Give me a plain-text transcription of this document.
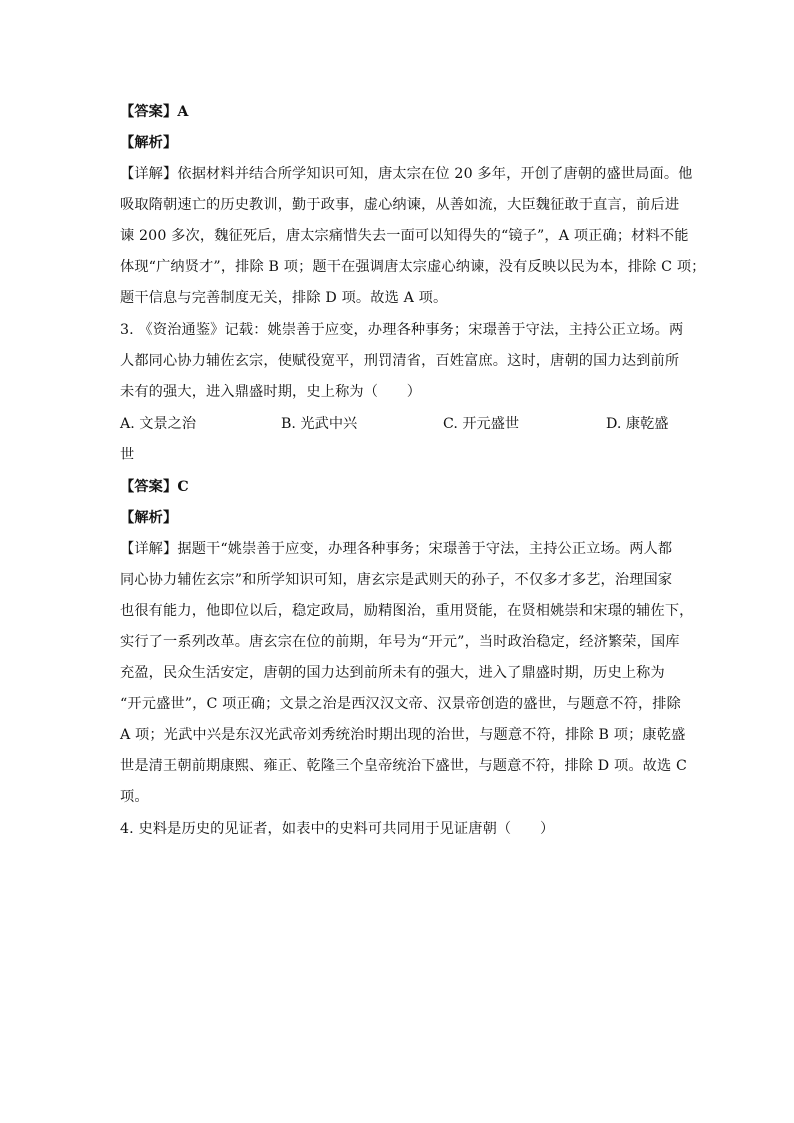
【答案】A
【解析】
【详解】依据材料并结合所学知识可知，唐太宗在位 20 多年，开创了唐朝的盛世局面。他
吸取隋朝速亡的历史教训，勤于政事，虚心纳谏，从善如流，大臣魏征敢于直言，前后进
谏 200 多次，魏征死后，唐太宗痛惜失去一面可以知得失的“镜子”，A 项正确；材料不能
体现“广纳贤才”，排除 B 项；题干在强调唐太宗虚心纳谏，没有反映以民为本，排除 C 项；
题干信息与完善制度无关，排除 D 项。故选 A 项。
3. 《资治通鉴》记载：姚崇善于应变，办理各种事务；宋璟善于守法，主持公正立场。两
人都同心协力辅佐玄宗，使赋役宽平，刑罚清省，百姓富庶。这时，唐朝的国力达到前所
未有的强大，进入鼎盛时期，史上称为（　　）
A. 文景之治	B. 光武中兴	C. 开元盛世	D. 康乾盛
世
【答案】C
【解析】
【详解】据题干“姚崇善于应变，办理各种事务；宋璟善于守法，主持公正立场。两人都
同心协力辅佐玄宗”和所学知识可知，唐玄宗是武则天的孙子，不仅多才多艺，治理国家
也很有能力，他即位以后，稳定政局，励精图治，重用贤能，在贤相姚崇和宋璟的辅佐下，
实行了一系列改革。唐玄宗在位的前期，年号为“开元”，当时政治稳定，经济繁荣，国库
充盈，民众生活安定，唐朝的国力达到前所未有的强大，进入了鼎盛时期，历史上称为
“开元盛世”，C 项正确；文景之治是西汉汉文帝、汉景帝创造的盛世，与题意不符，排除
A 项；光武中兴是东汉光武帝刘秀统治时期出现的治世，与题意不符，排除 B 项；康乾盛
世是清王朝前期康熙、雍正、乾隆三个皇帝统治下盛世，与题意不符，排除 D 项。故选 C
项。
4. 史料是历史的见证者，如表中的史料可共同用于见证唐朝（　　）
